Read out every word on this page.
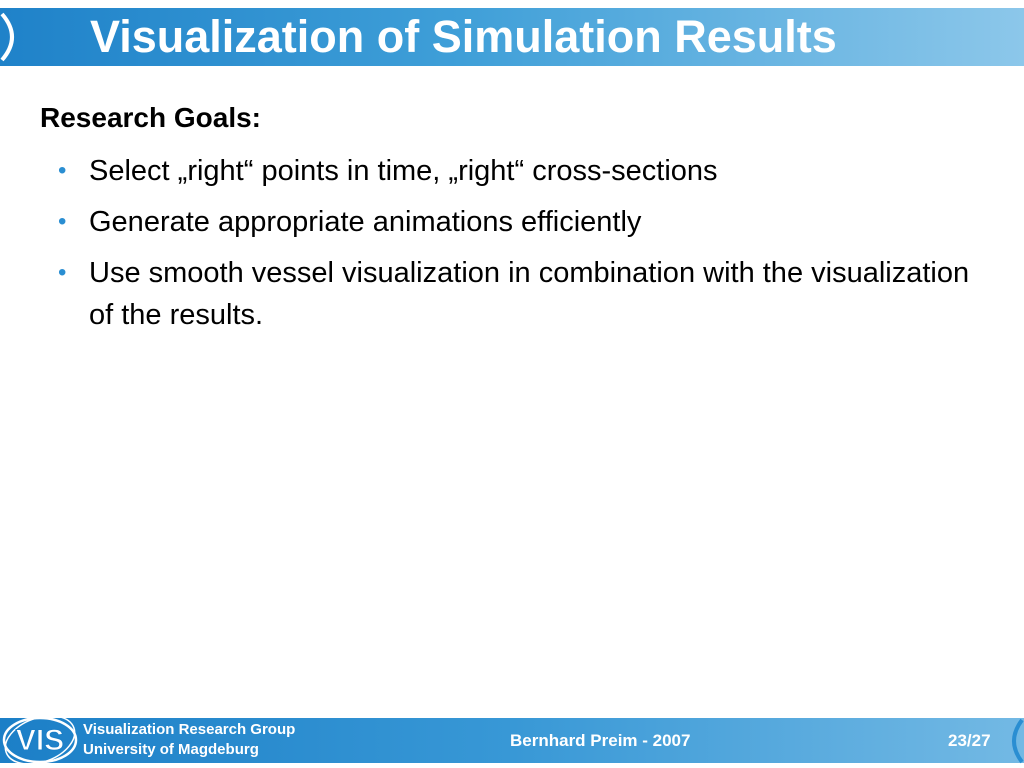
Visualization of Simulation Results
Research Goals:
• Select „right“ points in time, „right“ cross-sections
• Generate appropriate animations efficiently
• Use smooth vessel visualization in combination with the visualization of the results.
VIS Visualization Research Group
University of Magdeburg	Bernhard Preim - 2007	23/27
